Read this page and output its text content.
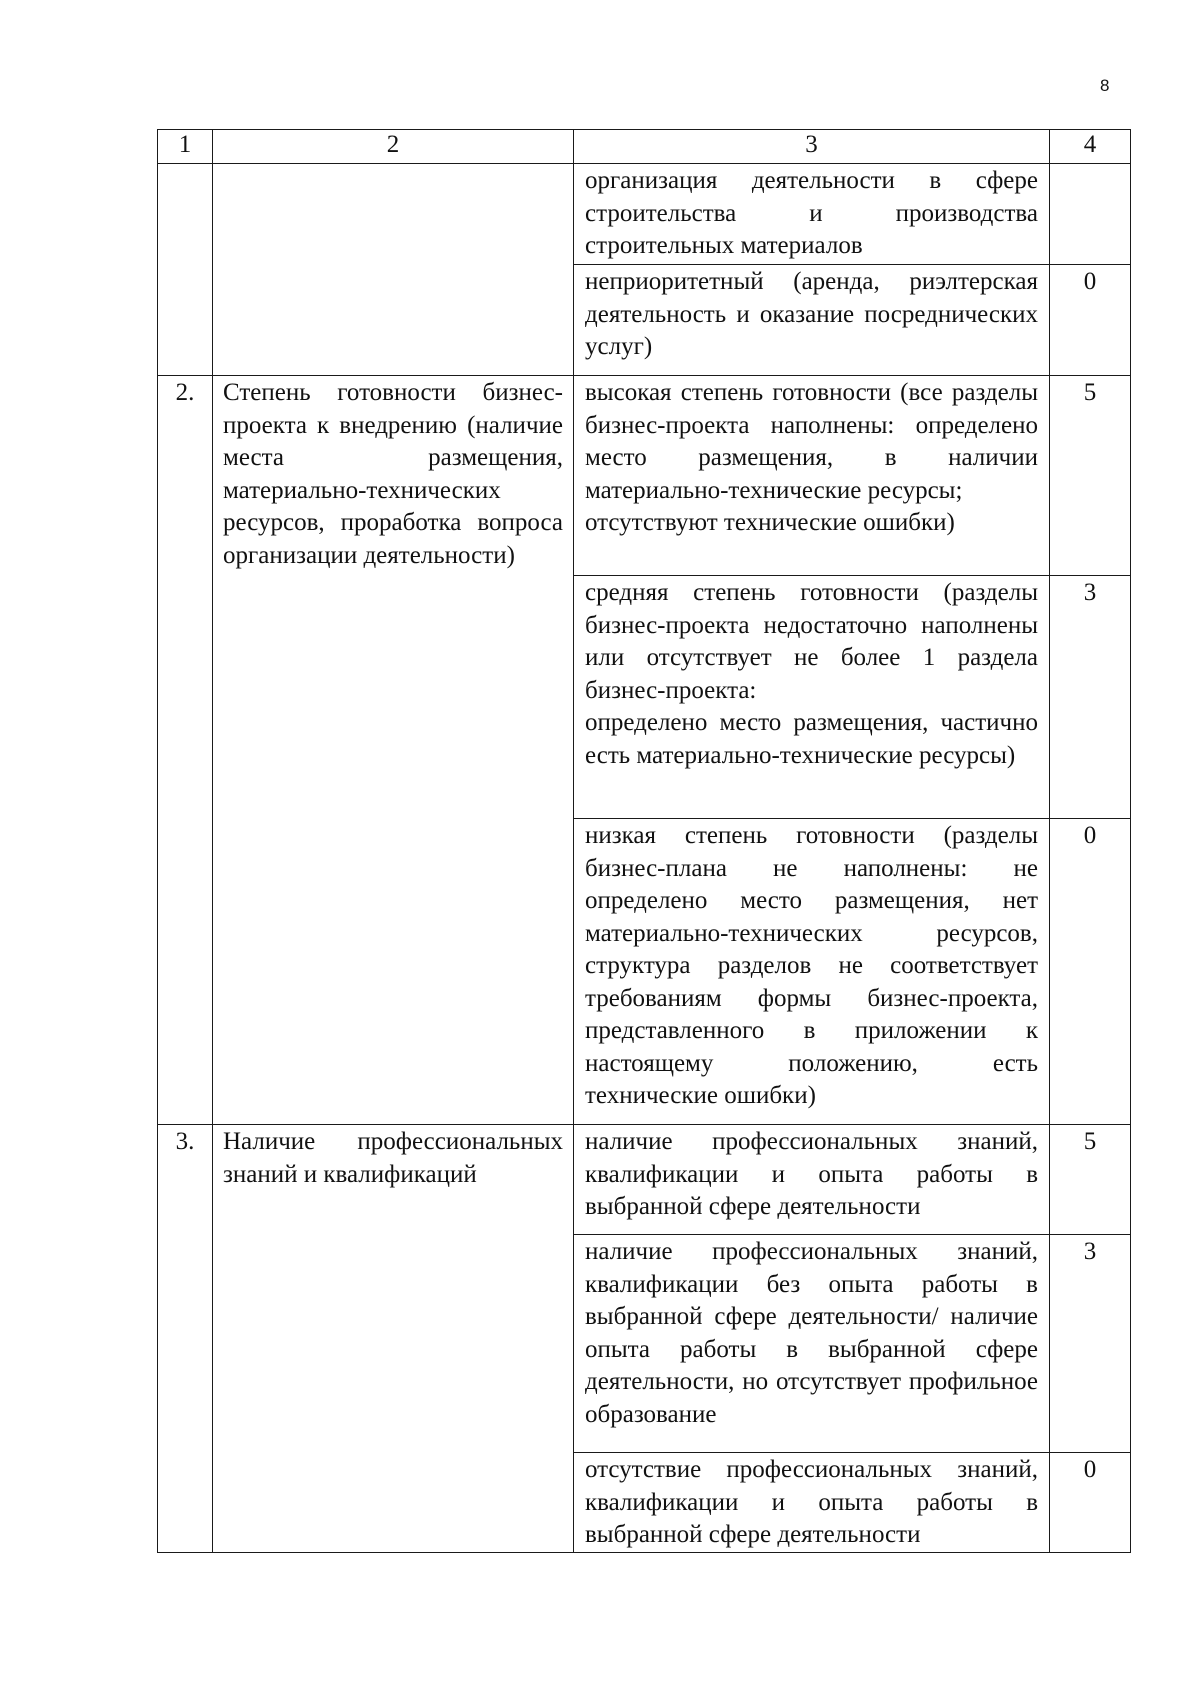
8
1	2	3	4
		организация деятельности в сфере строительства и производства строительных материалов	
		неприоритетный (аренда, риэлтерская деятельность и оказание посреднических услуг)	0
2.	Степень готовности бизнес-проекта к внедрению (наличие места размещения, материально-технических ресурсов, проработка вопроса организации деятельности)	высокая степень готовности (все разделы бизнес-проекта наполнены: определено место размещения, в наличии материально-технические ресурсы;
отсутствуют технические ошибки)	5

		средняя степень готовности (разделы бизнес-проекта недостаточно наполнены или отсутствует не более 1 раздела бизнес-проекта:
определено место размещения, частично есть материально-технические ресурсы)	3
		низкая степень готовности (разделы бизнес-плана не наполнены: не определено место размещения, нет материально-технических ресурсов, структура разделов не соответствует требованиям формы бизнес-проекта, представленного в приложении к настоящему положению, есть технические ошибки)	0
3.	Наличие профессиональных знаний и квалификаций	наличие профессиональных знаний, квалификации и опыта работы в выбранной сфере деятельности	5
		наличие профессиональных знаний, квалификации без опыта работы в выбранной сфере деятельности/ наличие опыта работы в выбранной сфере деятельности, но отсутствует профильное образование	3
		отсутствие профессиональных знаний, квалификации и опыта работы в выбранной сфере деятельности	0
